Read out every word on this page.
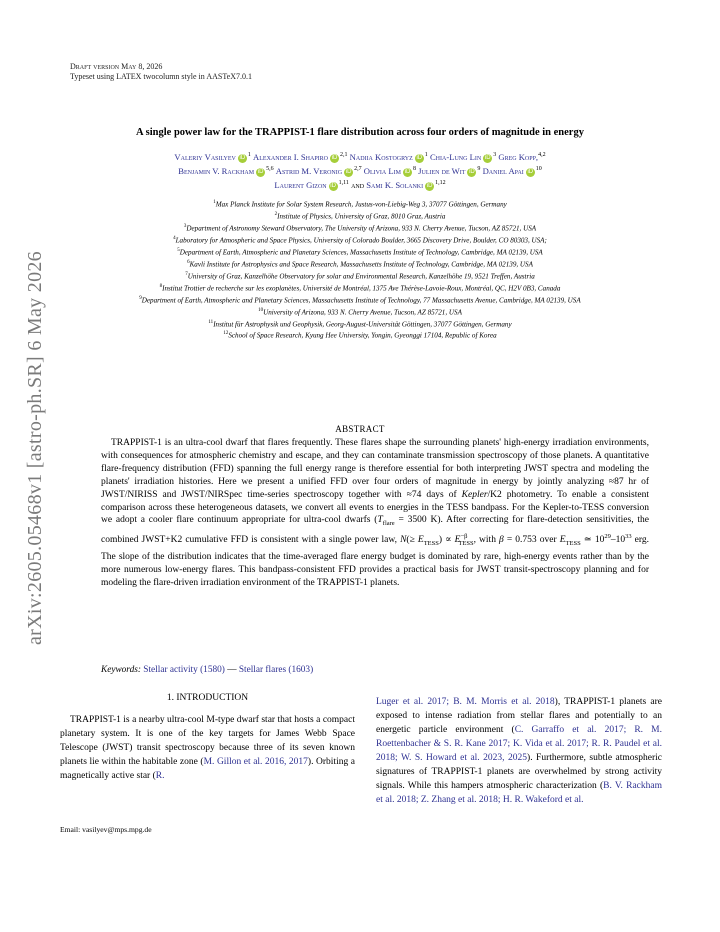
arXiv:2605.05468v1 [astro-ph.SR] 6 May 2026
Draft version May 8, 2026
Typeset using LATEX twocolumn style in AASTeX7.0.1
A single power law for the TRAPPIST-1 flare distribution across four orders of magnitude in energy
Valeriy Vasilyev iD $^1$ Alexander I. Shapiro iD $^{2,1}$ Nadiia Kostogryz iD $^1$ Chia-Lung Lin iD $^3$ Greg Kopp,$^{4,2}$
Benjamin V. Rackham iD $^{5,6}$ Astrid M. Veronig iD $^{2,7}$ Olivia Lim iD $^8$ Julien de Wit iD $^9$ Daniel Apai iD $^{10}$
Laurent Gizon iD $^{1,11}$ and Sami K. Solanki iD $^{1,12}$
$^1$Max Planck Institute for Solar System Research, Justus-von-Liebig-Weg 3, 37077 Göttingen, Germany
$^2$Institute of Physics, University of Graz, 8010 Graz, Austria
$^3$Department of Astronomy Steward Observatory, The University of Arizona, 933 N. Cherry Avenue, Tucson, AZ 85721, USA
$^4$Laboratory for Atmospheric and Space Physics, University of Colorado Boulder, 3665 Discovery Drive, Boulder, CO 80303, USA;
$^5$Department of Earth, Atmospheric and Planetary Sciences, Massachusetts Institute of Technology, Cambridge, MA 02139, USA
$^6$Kavli Institute for Astrophysics and Space Research, Massachusetts Institute of Technology, Cambridge, MA 02139, USA
$^7$University of Graz, Kanzelhöhe Observatory for solar and Environmental Research, Kanzelhöhe 19, 9521 Treffen, Austria
$^8$Institut Trottier de recherche sur les exoplanètes, Université de Montréal, 1375 Ave Thérèse-Lavoie-Roux, Montréal, QC, H2V 0B3, Canada
$^9$Department of Earth, Atmospheric and Planetary Sciences, Massachusetts Institute of Technology, 77 Massachusetts Avenue, Cambridge, MA 02139, USA
$^{10}$University of Arizona, 933 N. Cherry Avenue, Tucson, AZ 85721, USA
$^{11}$Institut für Astrophysik und Geophysik, Georg-August-Universität Göttingen, 37077 Göttingen, Germany
$^{12}$School of Space Research, Kyung Hee University, Yongin, Gyeonggi 17104, Republic of Korea
ABSTRACT
TRAPPIST-1 is an ultra-cool dwarf that flares frequently. These flares shape the surrounding planets' high-energy irradiation environments, with consequences for atmospheric chemistry and escape, and they can contaminate transmission spectroscopy of those planets. A quantitative flare-frequency distribution (FFD) spanning the full energy range is therefore essential for both interpreting JWST spectra and modeling the planets' irradiation histories. Here we present a unified FFD over four orders of magnitude in energy by jointly analyzing ≈87 hr of JWST/NIRISS and JWST/NIRSpec time-series spectroscopy together with ≈74 days of Kepler/K2 photometry. To enable a consistent comparison across these heterogeneous datasets, we convert all events to energies in the TESS bandpass. For the Kepler-to-TESS conversion we adopt a cooler flare continuum appropriate for ultra-cool dwarfs ($T_{flare} = 3500$ K). After correcting for flare-detection sensitivities, the combined JWST+K2 cumulative FFD is consistent with a single power law, $N(\ge E_{TESS}) \propto E^{-\beta}_{TESS}$, with β = 0.753 over $E_{TESS}$ ≃ $10^{29}-10^{33}$ erg. The slope of the distribution indicates that the time-averaged flare energy budget is dominated by rare, high-energy events rather than by the more numerous low-energy flares. This bandpass-consistent FFD provides a practical basis for JWST transit-spectroscopy planning and for modeling the flare-driven irradiation environment of the TRAPPIST-1 planets.
Keywords: Stellar activity (1580) — Stellar flares (1603)
1. INTRODUCTION
TRAPPIST-1 is a nearby ultra-cool M-type dwarf star that hosts a compact planetary system. It is one of the key targets for James Webb Space Telescope (JWST) transit spectroscopy because three of its seven known planets lie within the habitable zone (M. Gillon et al. 2016, 2017). Orbiting a magnetically active star (R.
Luger et al. 2017; B. M. Morris et al. 2018), TRAPPIST-1 planets are exposed to intense radiation from stellar flares and potentially to an energetic particle environment (C. Garraffo et al. 2017; R. M. Roettenbacher & S. R. Kane 2017; K. Vida et al. 2017; R. R. Paudel et al. 2018; W. S. Howard et al. 2023, 2025). Furthermore, subtle atmospheric signatures of TRAPPIST-1 planets are overwhelmed by strong activity signals. While this hampers atmospheric characterization (B. V. Rackham et al. 2018; Z. Zhang et al. 2018; H. R. Wakeford et al.
Email: vasilyev@mps.mpg.de
